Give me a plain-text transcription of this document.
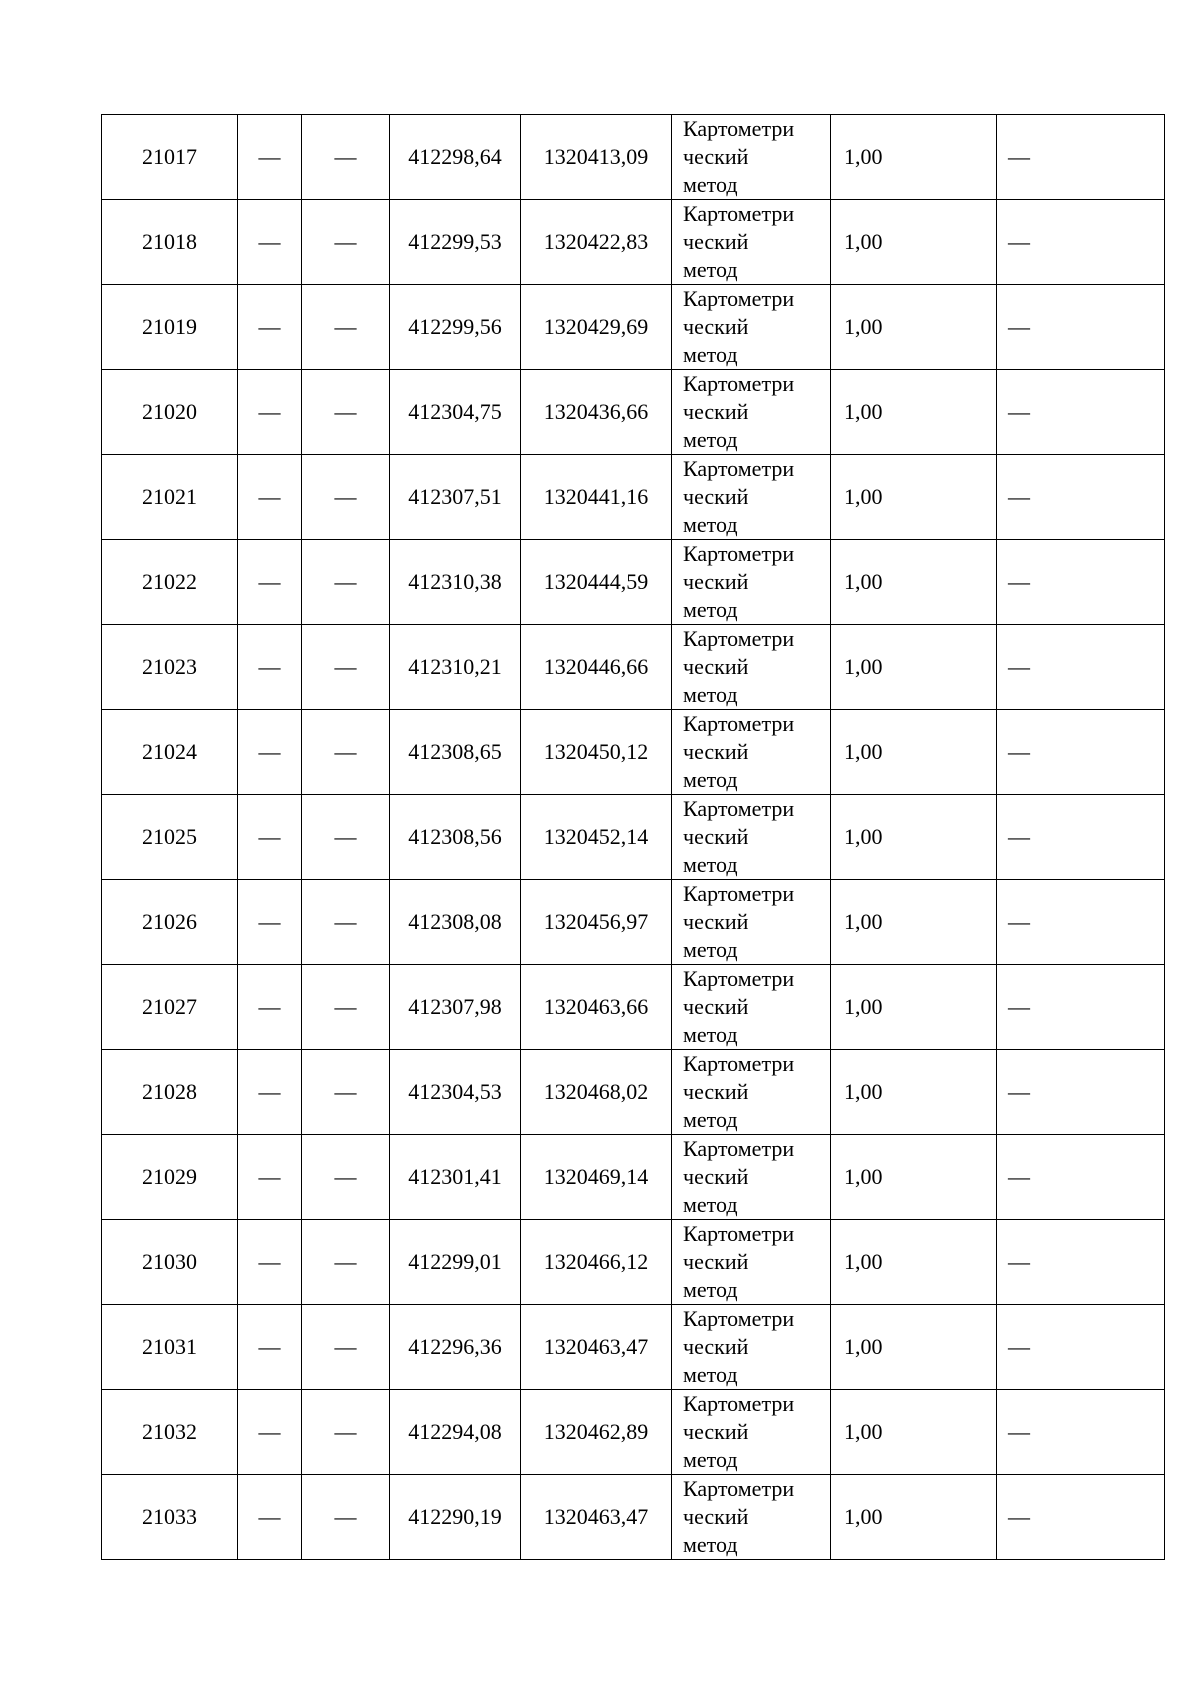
21017	—	—	412298,64	1320413,09	Картометри
ческий
метод	1,00	—
21018	—	—	412299,53	1320422,83	Картометри
ческий
метод	1,00	—
21019	—	—	412299,56	1320429,69	Картометри
ческий
метод	1,00	—
21020	—	—	412304,75	1320436,66	Картометри
ческий
метод	1,00	—
21021	—	—	412307,51	1320441,16	Картометри
ческий
метод	1,00	—
21022	—	—	412310,38	1320444,59	Картометри
ческий
метод	1,00	—
21023	—	—	412310,21	1320446,66	Картометри
ческий
метод	1,00	—
21024	—	—	412308,65	1320450,12	Картометри
ческий
метод	1,00	—
21025	—	—	412308,56	1320452,14	Картометри
ческий
метод	1,00	—
21026	—	—	412308,08	1320456,97	Картометри
ческий
метод	1,00	—
21027	—	—	412307,98	1320463,66	Картометри
ческий
метод	1,00	—
21028	—	—	412304,53	1320468,02	Картометри
ческий
метод	1,00	—
21029	—	—	412301,41	1320469,14	Картометри
ческий
метод	1,00	—
21030	—	—	412299,01	1320466,12	Картометри
ческий
метод	1,00	—
21031	—	—	412296,36	1320463,47	Картометри
ческий
метод	1,00	—
21032	—	—	412294,08	1320462,89	Картометри
ческий
метод	1,00	—
21033	—	—	412290,19	1320463,47	Картометри
ческий
метод	1,00	—
